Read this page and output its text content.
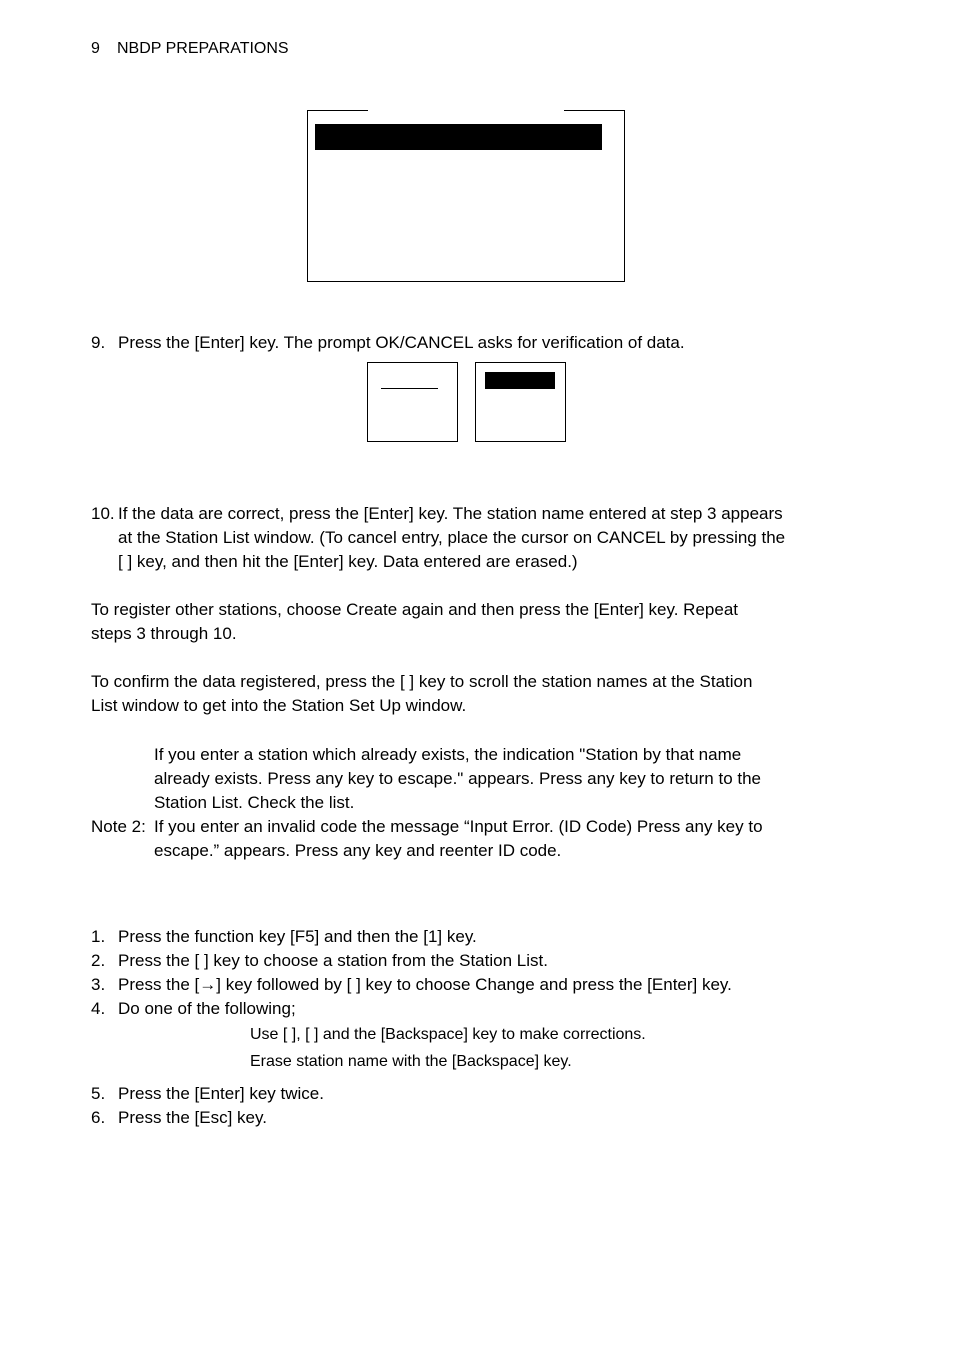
9 NBDP PREPARATIONS
9. Press the [Enter] key. The prompt OK/CANCEL asks for verification of data.
10. If the data are correct, press the [Enter] key. The station name entered at step 3 appears
at the Station List window. (To cancel entry, place the cursor on CANCEL by pressing the
[ ] key, and then hit the [Enter] key. Data entered are erased.)
To register other stations, choose Create again and then press the [Enter] key. Repeat
steps 3 through 10.
To confirm the data registered, press the [ ] key to scroll the station names at the Station
List window to get into the Station Set Up window.
If you enter a station which already exists, the indication "Station by that name
already exists. Press any key to escape." appears. Press any key to return to the
Station List. Check the list.
Note 2: If you enter an invalid code the message “Input Error. (ID Code) Press any key to
escape.” appears. Press any key and reenter ID code.
1. Press the function key [F5] and then the [1] key.
2. Press the [ ] key to choose a station from the Station List.
3. Press the [→] key followed by [ ] key to choose Change and press the [Enter] key.
4. Do one of the following;
Use [ ], [ ] and the [Backspace] key to make corrections.
Erase station name with the [Backspace] key.
5. Press the [Enter] key twice.
6. Press the [Esc] key.
